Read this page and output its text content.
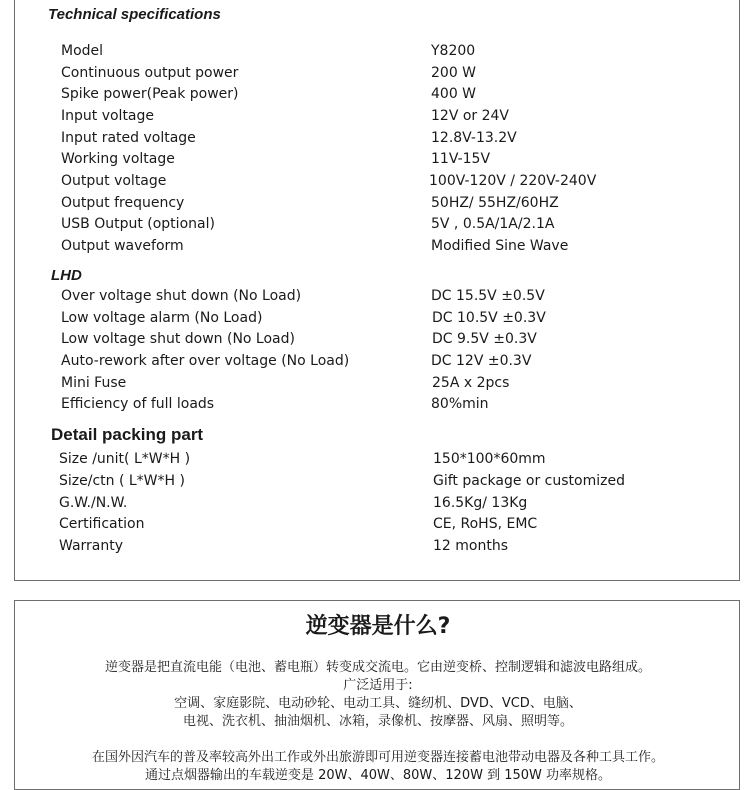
Technical specifications
Model	Y8200
Continuous output power	200 W
Spike power(Peak power)	400 W
Input voltage	12V or 24V
Input rated voltage	12.8V-13.2V
Working voltage	11V-15V
Output voltage	100V-120V / 220V-240V
Output frequency	50HZ/ 55HZ/60HZ
USB Output (optional)	5V , 0.5A/1A/2.1A
Output waveform	Modified Sine Wave
LHD
Over voltage shut down (No Load)	DC 15.5V ±0.5V
Low voltage alarm (No Load)	DC 10.5V ±0.3V
Low voltage shut down (No Load)	DC 9.5V ±0.3V
Auto-rework after over voltage (No Load)	DC 12V ±0.3V
Mini Fuse	25A x 2pcs
Efficiency of full loads	80%min
Detail packing part
Size /unit( L*W*H )	150*100*60mm
Size/ctn ( L*W*H )	Gift package or customized
G.W./N.W.	16.5Kg/ 13Kg
Certification	CE, RoHS, EMC
Warranty	12 months
逆变器是什么?
逆变器是把直流电能（电池、蓄电瓶）转变成交流电。它由逆变桥、控制逻辑和滤波电路组成。
广泛适用于:
空调、家庭影院、电动砂轮、电动工具、缝纫机、DVD、VCD、电脑、
电视、洗衣机、抽油烟机、冰箱，录像机、按摩器、风扇、照明等。
在国外因汽车的普及率较高外出工作或外出旅游即可用逆变器连接蓄电池带动电器及各种工具工作。
通过点烟器输出的车载逆变是 20W、40W、80W、120W 到 150W 功率规格。
